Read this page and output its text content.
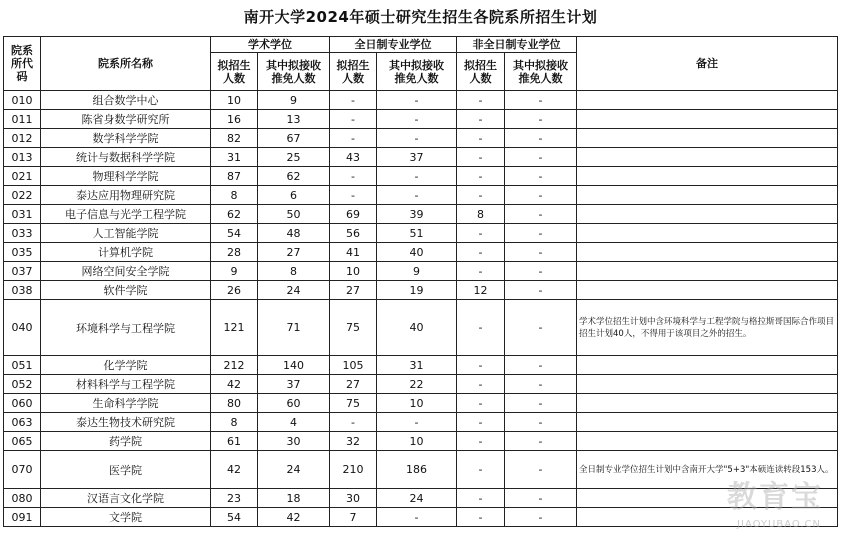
南开大学2024年硕士研究生招生各院系所招生计划
院系所代码	院系所名称	学术学位		全日制专业学位		非全日制专业学位		备注
		拟招生人数	其中拟接收推免人数	拟招生人数	其中拟接收推免人数	拟招生人数	其中拟接收推免人数	
010	组合数学中心	10	9	-	-	-	-	
011	陈省身数学研究所	16	13	-	-	-	-	
012	数学科学学院	82	67	-	-	-	-	
013	统计与数据科学学院	31	25	43	37	-	-	
021	物理科学学院	87	62	-	-	-	-	
022	泰达应用物理研究院	8	6	-	-	-	-	
031	电子信息与光学工程学院	62	50	69	39	8	-	
033	人工智能学院	54	48	56	51	-	-	
035	计算机学院	28	27	41	40	-	-	
037	网络空间安全学院	9	8	10	9	-	-	
038	软件学院	26	24	27	19	12	-	
040	环境科学与工程学院	121	71	75	40	-	-	学术学位招生计划中含环境科学与工程学院与格拉斯哥国际合作项目招生计划40人，不得用于该项目之外的招生。
051	化学学院	212	140	105	31	-	-	
052	材料科学与工程学院	42	37	27	22	-	-	
060	生命科学学院	80	60	75	10	-	-	
063	泰达生物技术研究院	8	4	-	-	-	-	
065	药学院	61	30	32	10	-	-	
070	医学院	42	24	210	186	-	-	全日制专业学位招生计划中含南开大学"5+3"本硕连读转段153人。
080	汉语言文化学院	23	18	30	24	-	-	
091	文学院	54	42	7	-	-	-	
教育宝
JIAOYUBAO.CN
